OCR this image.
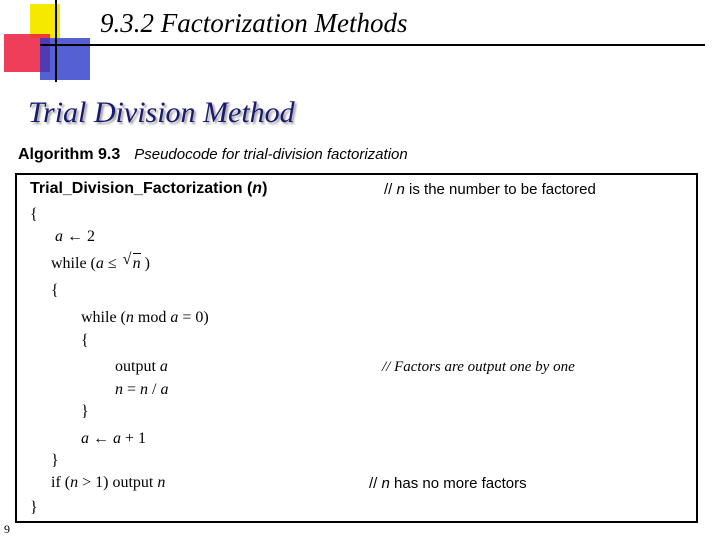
9.3.2 Factorization Methods
Trial Division Method
Algorithm 9.3 Pseudocode for trial-division factorization
Trial_Division_Factorization (n)	// n is the number to be factored
{
a ← 2
while (a ≤ √ n )
{
while (n mod a = 0)
{
output a	// Factors are output one by one
n = n / a
}
a ← a + 1
}
if (n > 1) output n	// n has no more factors
}
9
